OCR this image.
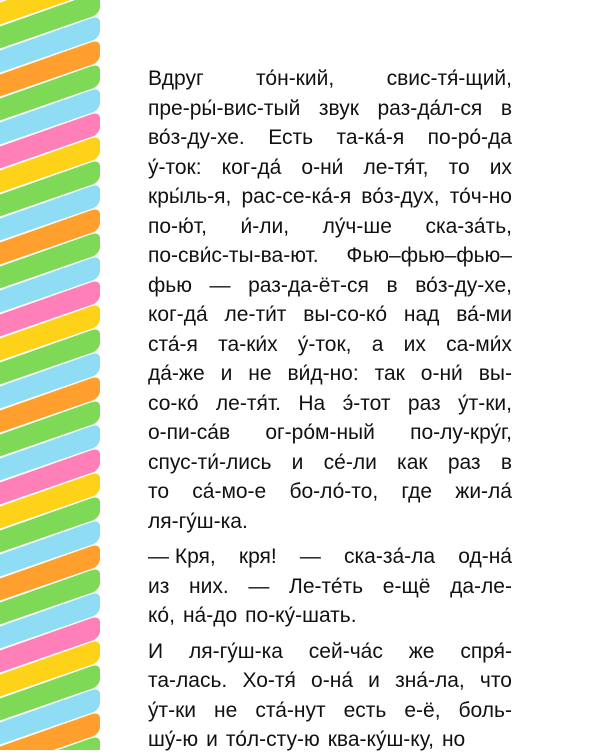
Вдруг то́н-кий, свис-тя́-щий,
пре-ры́-вис-тый звук раз-да́л-ся в
во́з-ду-хе. Есть та-ка́-я по-ро́-да
у́-ток: ког-да́ о-ни́ ле-тя́т, то их
кры́ль-я, рас-се-ка́-я во́з-дух, то́ч-но
по-ю́т, и́-ли, лу́ч-ше ска-за́ть,
по-сви́с-ты-ва-ют. Фью–фью–фью–
фью — раз-да-ёт-ся в во́з-ду-хе,
ког-да́ ле-ти́т вы-со-ко́ над ва́-ми
ста́-я та-ки́х у́-ток, а их са-ми́х
да́-же и не ви́д-но: так о-ни́ вы-
со-ко́ ле-тя́т. На э́-тот раз у́т-ки,
о-пи-са́в ог-ро́м-ный по-лу-кру́г,
спус-ти́-лись и се́-ли как раз в
то са́-мо-е бо-ло́-то, где жи-ла́
ля-гу́ш-ка.
— Кря, кря! — ска-за́-ла од-на́
из них. — Ле-те́ть е-щё да-ле-
ко́, на́-до по-ку́-шать.
И ля-гу́ш-ка сей-ча́с же спря́-
та-лась. Хо-тя́ о-на́ и зна́-ла, что
у́т-ки не ста́-нут есть е-ё, боль-
шу́-ю и то́л-сту-ю ква-ку́ш-ку, но
